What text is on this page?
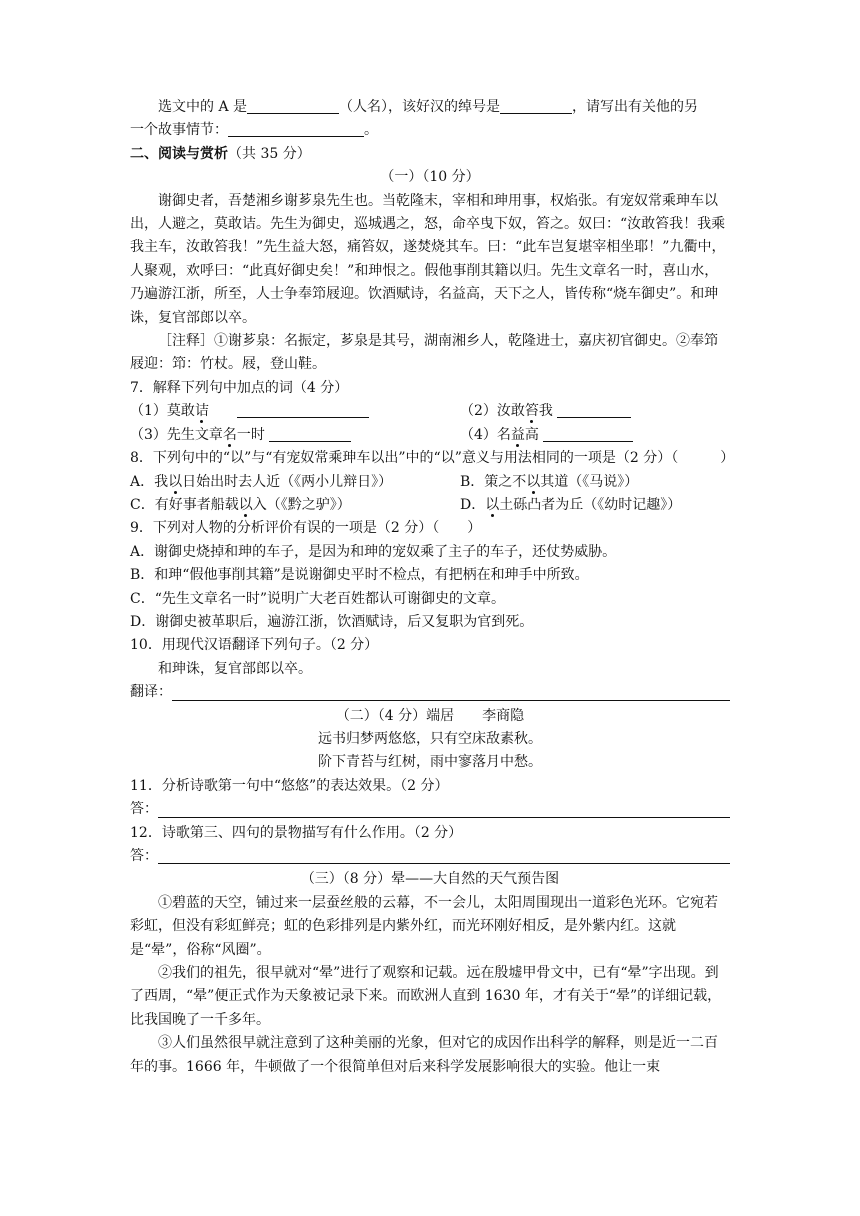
选文中的 A 是	（人名），该好汉的绰号是	，请写出有关他的另

一个故事情节：	。

二、阅读与赏析（共 35 分）

（一）（10 分）

谢御史者，吾楚湘乡谢芗泉先生也。当乾隆末，宰相和珅用事，权焰张。有宠奴常乘珅车以出，人避之，莫敢诘。先生为御史，巡城遇之，怒，命卒曳下奴，笞之。奴曰：“汝敢笞我！我乘我主车，汝敢笞我！”先生益大怒，痛笞奴，遂焚烧其车。曰：“此车岂复堪宰相坐耶！”九衢中，人聚观，欢呼曰：“此真好御史矣！”和珅恨之。假他事削其籍以归。先生文章名一时，喜山水，乃遍游江浙，所至，人士争奉笻屐迎。饮酒赋诗，名益高，天下之人，皆传称“烧车御史”。和珅诛，复官部郎以卒。

［注释］①谢芗泉：名振定，芗泉是其号，湖南湘乡人，乾隆进士，嘉庆初官御史。②奉笻屐迎：笻：竹杖。屐，登山鞋。

7．解释下列句中加点的词（4 分）

（1）莫敢诘　　	（2）汝敢笞我
（3）先生文章名一时	（4）名益高

8．下列句中的“以”与“有宠奴常乘珅车以出”中的“以”意义与用法相同的一项是（2 分）（　　　）

A．我以日始出时去人近（《两小儿辩日》）	B．策之不以其道（《马说》）
C．有好事者船载以入（《黔之驴》）	D．以土砾凸者为丘（《幼时记趣》）

9．下列对人物的分析评价有误的一项是（2 分）（　　）

A．谢御史烧掉和珅的车子，是因为和珅的宠奴乘了主子的车子，还仗势威胁。

B．和珅“假他事削其籍”是说谢御史平时不检点，有把柄在和珅手中所致。

C．“先生文章名一时”说明广大老百姓都认可谢御史的文章。

D．谢御史被革职后，遍游江浙，饮酒赋诗，后又复职为官到死。

10．用现代汉语翻译下列句子。（2 分）

和珅诛，复官部郎以卒。

翻译：

（二）（4 分）端居　　李商隐

远书归梦两悠悠，只有空床敌素秋。

阶下青苔与红树，雨中寥落月中愁。

11．分析诗歌第一句中“悠悠”的表达效果。（2 分）

答：

12．诗歌第三、四句的景物描写有什么作用。（2 分）

答：

（三）（8 分）晕——大自然的天气预告图

①碧蓝的天空，铺过来一层蚕丝般的云幕，不一会儿，太阳周围现出一道彩色光环。它宛若彩虹，但没有彩虹鲜亮；虹的色彩排列是内紫外红，而光环刚好相反，是外紫内红。这就是“晕”，俗称“风圈”。

②我们的祖先，很早就对“晕”进行了观察和记载。远在殷墟甲骨文中，已有“晕”字出现。到了西周，“晕”便正式作为天象被记录下来。而欧洲人直到 1630 年，才有关于“晕”的详细记载，比我国晚了一千多年。

③人们虽然很早就注意到了这种美丽的光象，但对它的成因作出科学的解释，则是近一二百年的事。1666 年，牛顿做了一个很简单但对后来科学发展影响很大的实验。他让一束
